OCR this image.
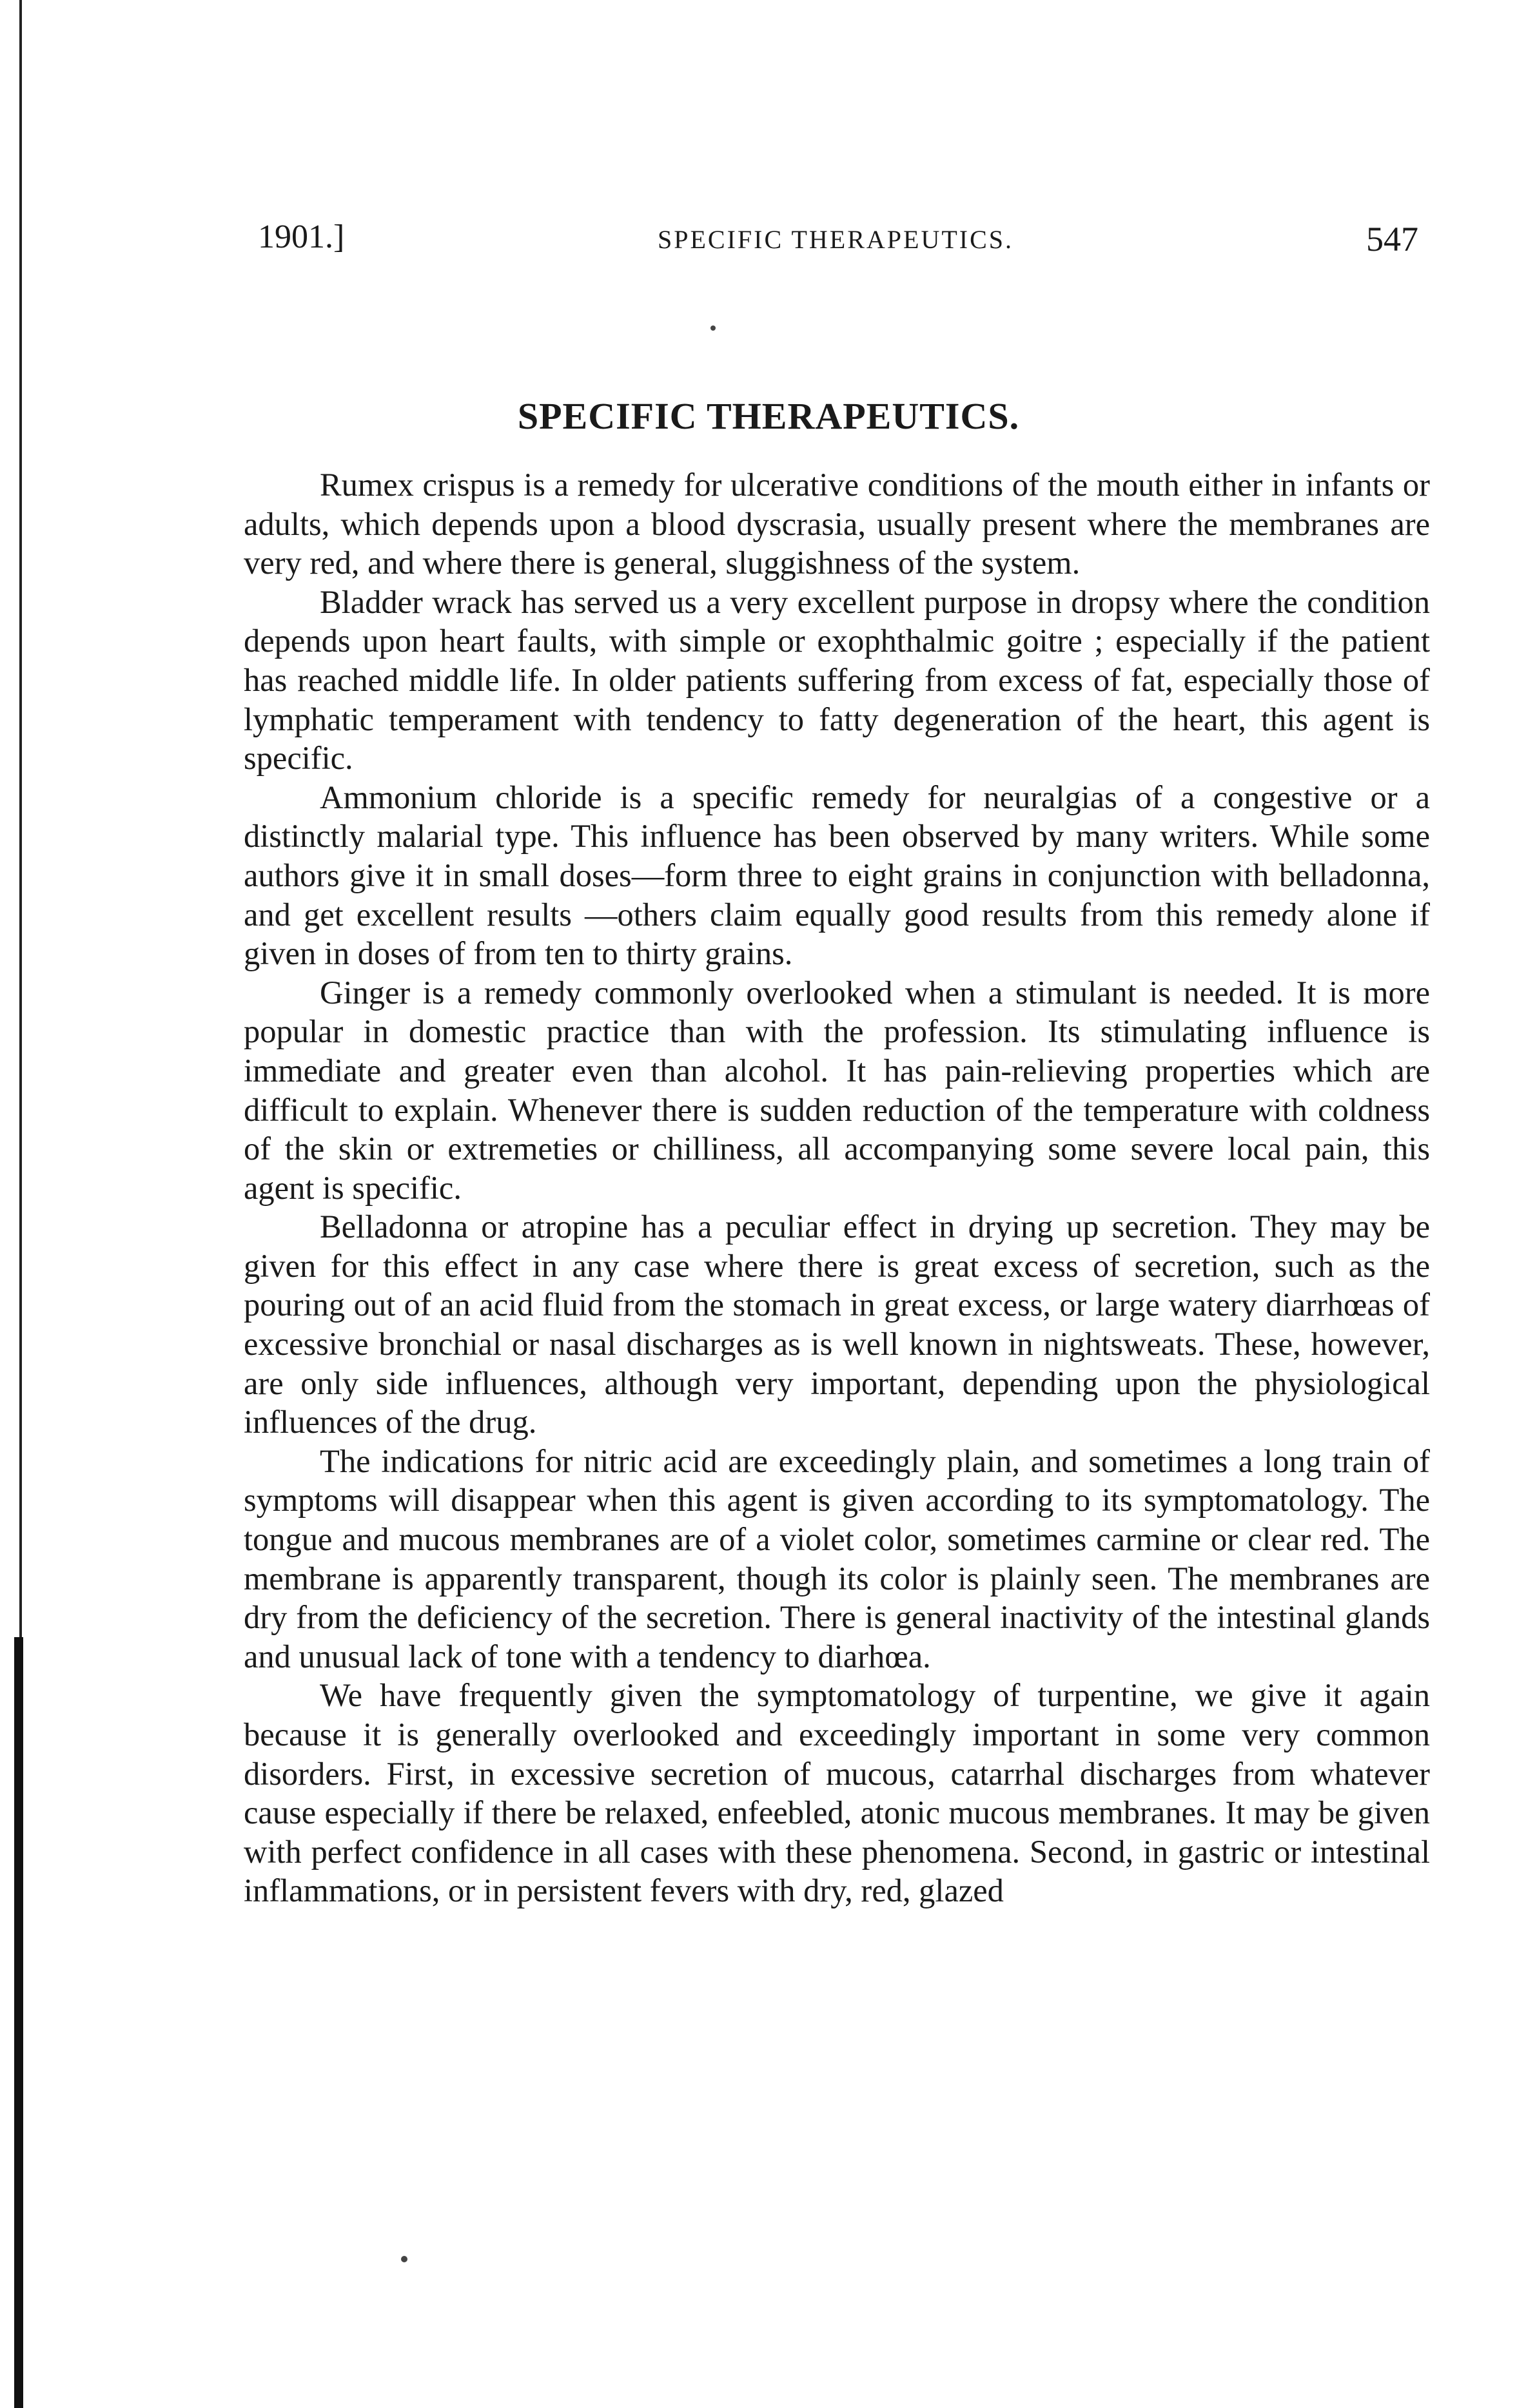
1901.]	SPECIFIC THERAPEUTICS.	547
SPECIFIC THERAPEUTICS.

Rumex crispus is a remedy for ulcerative conditions of the mouth either in infants or adults, which depends upon a blood dyscrasia, usually present where the membranes are very red, and where there is general, sluggishness of the system.

Bladder wrack has served us a very excellent purpose in dropsy where the condition depends upon heart faults, with simple or exophthalmic goitre ; especially if the patient has reached middle life. In older patients suffering from excess of fat, especially those of lymphatic temperament with tendency to fatty degeneration of the heart, this agent is specific.

Ammonium chloride is a specific remedy for neuralgias of a congestive or a distinctly malarial type. This influence has been observed by many writers. While some authors give it in small doses—form three to eight grains in conjunction with belladonna, and get excellent results —others claim equally good results from this remedy alone if given in doses of from ten to thirty grains.

Ginger is a remedy commonly overlooked when a stimulant is needed. It is more popular in domestic practice than with the profession. Its stimulating influence is immediate and greater even than alcohol. It has pain-relieving properties which are difficult to explain. Whenever there is sudden reduction of the temperature with coldness of the skin or extremeties or chilliness, all accompanying some severe local pain, this agent is specific.

Belladonna or atropine has a peculiar effect in drying up secretion. They may be given for this effect in any case where there is great excess of secretion, such as the pouring out of an acid fluid from the stomach in great excess, or large watery diarrhœas of excessive bronchial or nasal discharges as is well known in nightsweats. These, however, are only side influences, although very important, depending upon the physiological influences of the drug.

The indications for nitric acid are exceedingly plain, and sometimes a long train of symptoms will disappear when this agent is given according to its symptomatology. The tongue and mucous membranes are of a violet color, sometimes carmine or clear red. The membrane is apparently transparent, though its color is plainly seen. The membranes are dry from the deficiency of the secretion. There is general inactivity of the intestinal glands and unusual lack of tone with a tendency to diarhœa.

We have frequently given the symptomatology of turpentine, we give it again because it is generally overlooked and exceedingly important in some very common disorders. First, in excessive secretion of mucous, catarrhal discharges from whatever cause especially if there be relaxed, enfeebled, atonic mucous membranes. It may be given with perfect confidence in all cases with these phenomena. Second, in gastric or intestinal inflammations, or in persistent fevers with dry, red, glazed
